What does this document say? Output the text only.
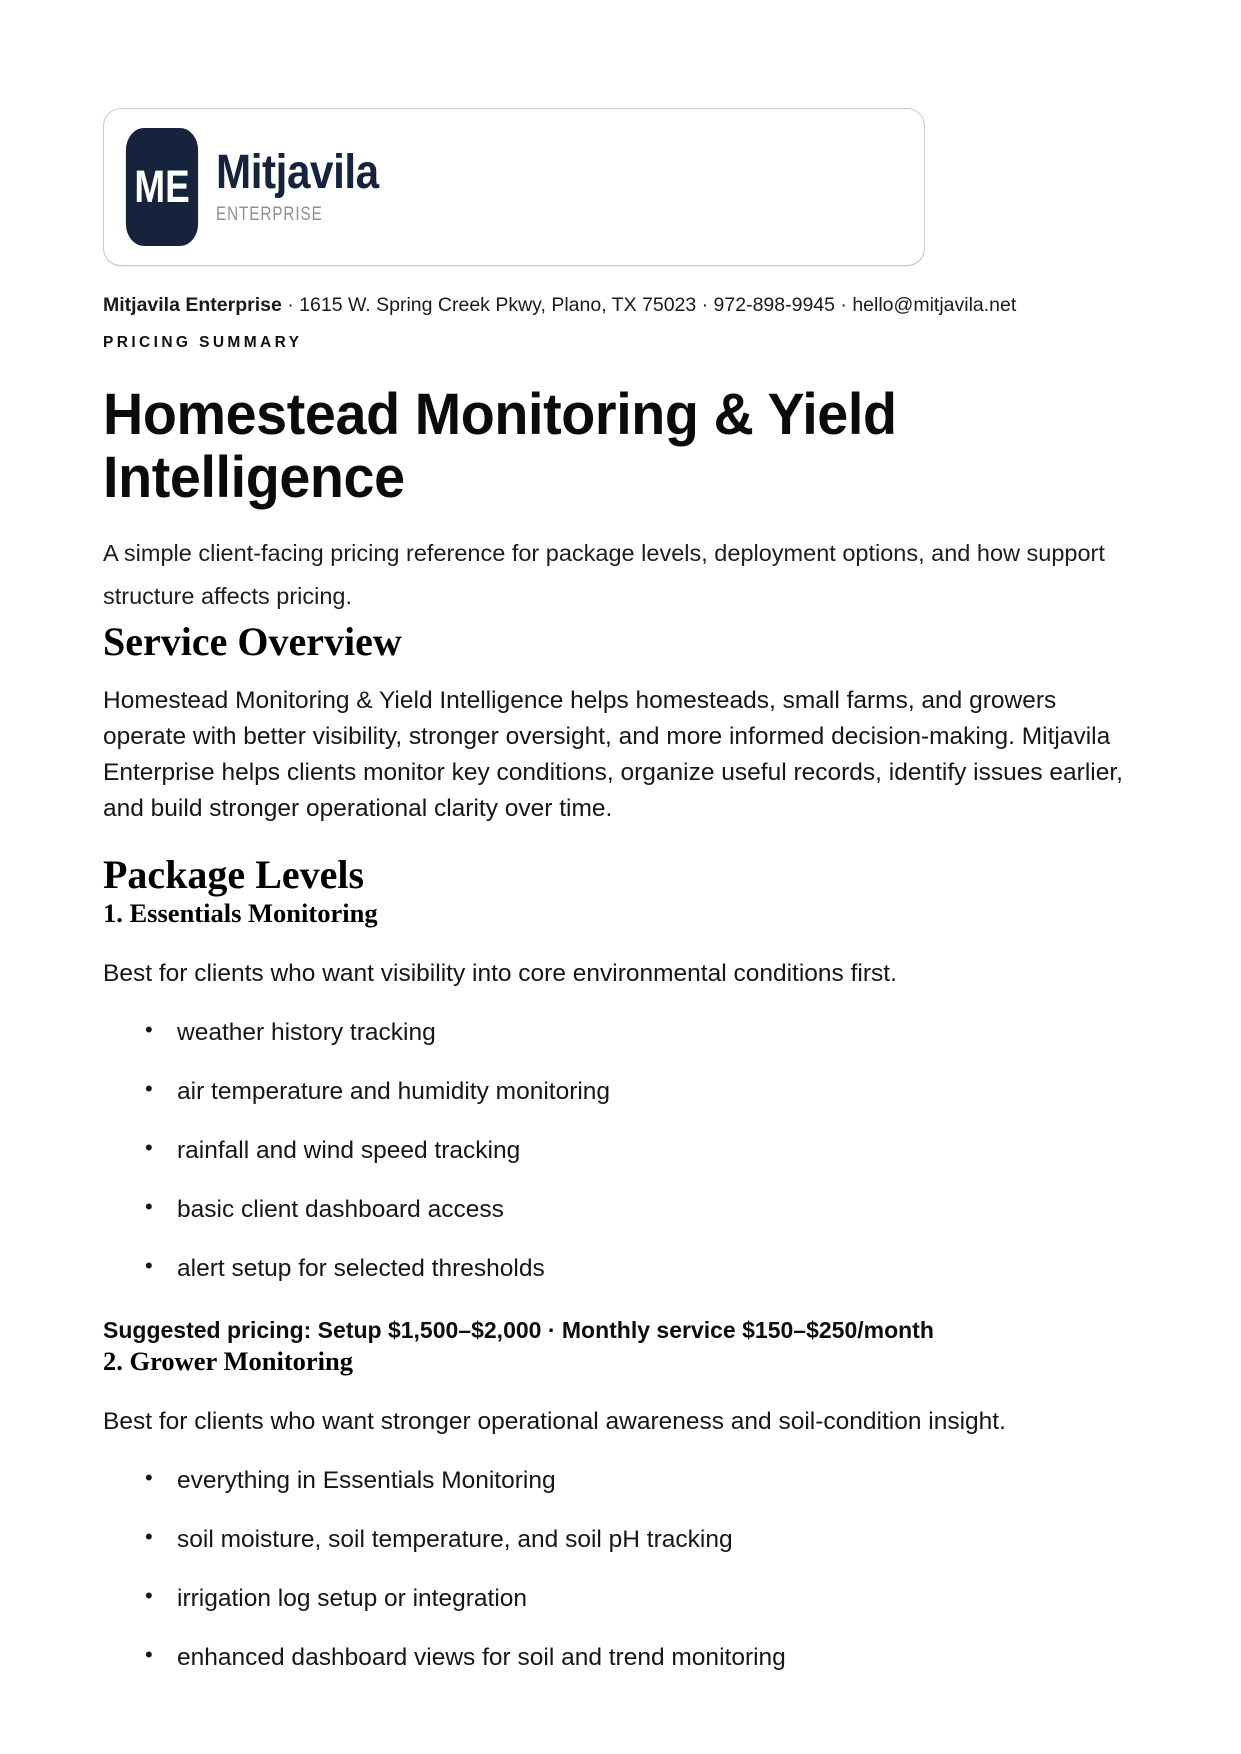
ME Mitjavila
ENTERPRISE
Mitjavila Enterprise · 1615 W. Spring Creek Pkwy, Plano, TX 75023 · 972-898-9945 · hello@mitjavila.net
PRICING SUMMARY
Homestead Monitoring & Yield Intelligence
A simple client-facing pricing reference for package levels, deployment options, and how support structure affects pricing.
Service Overview

Homestead Monitoring & Yield Intelligence helps homesteads, small farms, and growers operate with better visibility, stronger oversight, and more informed decision-making. Mitjavila Enterprise helps clients monitor key conditions, organize useful records, identify issues earlier, and build stronger operational clarity over time.

Package Levels
1. Essentials Monitoring

Best for clients who want visibility into core environmental conditions first.

• weather history tracking
• air temperature and humidity monitoring
• rainfall and wind speed tracking
• basic client dashboard access
• alert setup for selected thresholds
Suggested pricing: Setup $1,500–$2,000 · Monthly service $150–$250/month
2. Grower Monitoring

Best for clients who want stronger operational awareness and soil-condition insight.

• everything in Essentials Monitoring
• soil moisture, soil temperature, and soil pH tracking
• irrigation log setup or integration
• enhanced dashboard views for soil and trend monitoring
